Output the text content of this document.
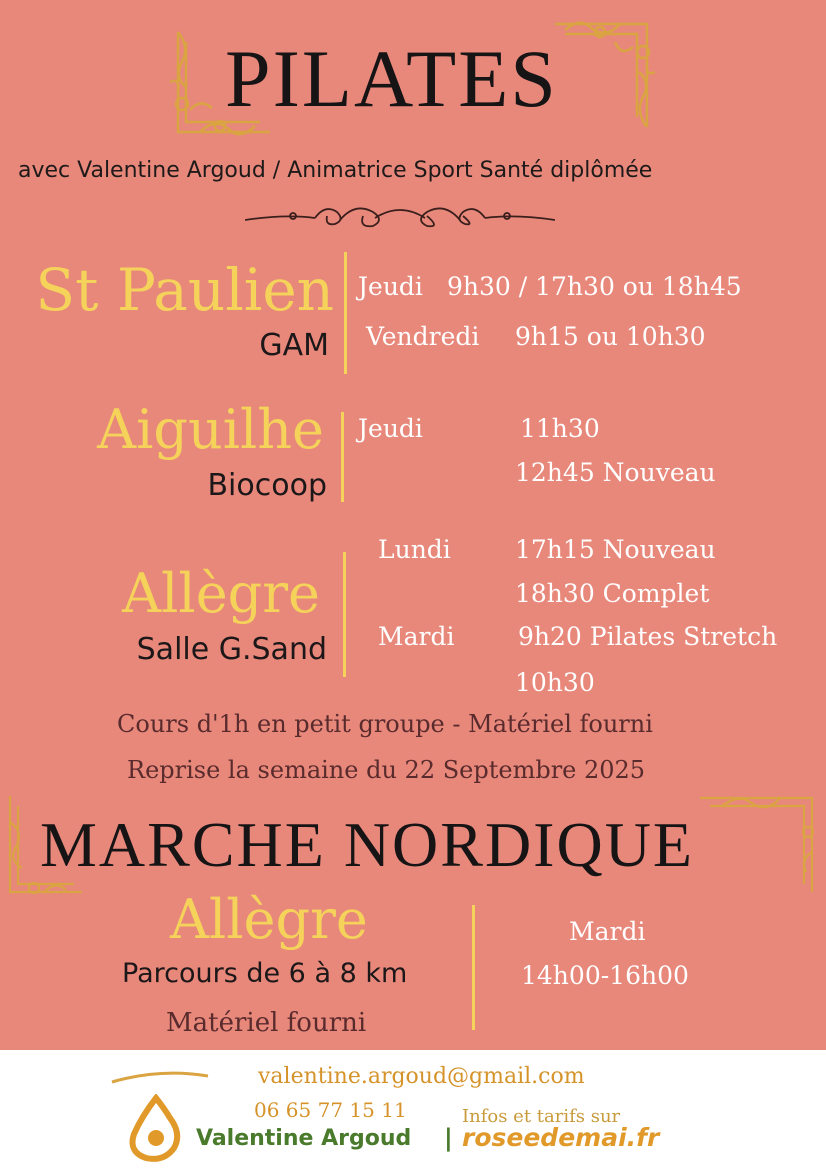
PILATES
avec Valentine Argoud / Animatrice Sport Santé diplômée
St Paulien
GAM
Jeudi 9h30 / 17h30 ou 18h45
Vendredi 9h15 ou 10h30
Aiguilhe
Biocoop
Jeudi	11h30
12h45 Nouveau
Allègre
Salle G.Sand
Lundi	17h15 Nouveau
18h30 Complet
Mardi	9h20 Pilates Stretch
10h30
Cours d'1h en petit groupe - Matériel fourni
Reprise la semaine du 22 Septembre 2025
MARCHE NORDIQUE
Allègre
Parcours de 6 à 8 km
Matériel fourni
Mardi
14h00-16h00
valentine.argoud@gmail.com
06 65 77 15 11	Infos et tarifs sur
Valentine Argoud | roseedemai.fr
